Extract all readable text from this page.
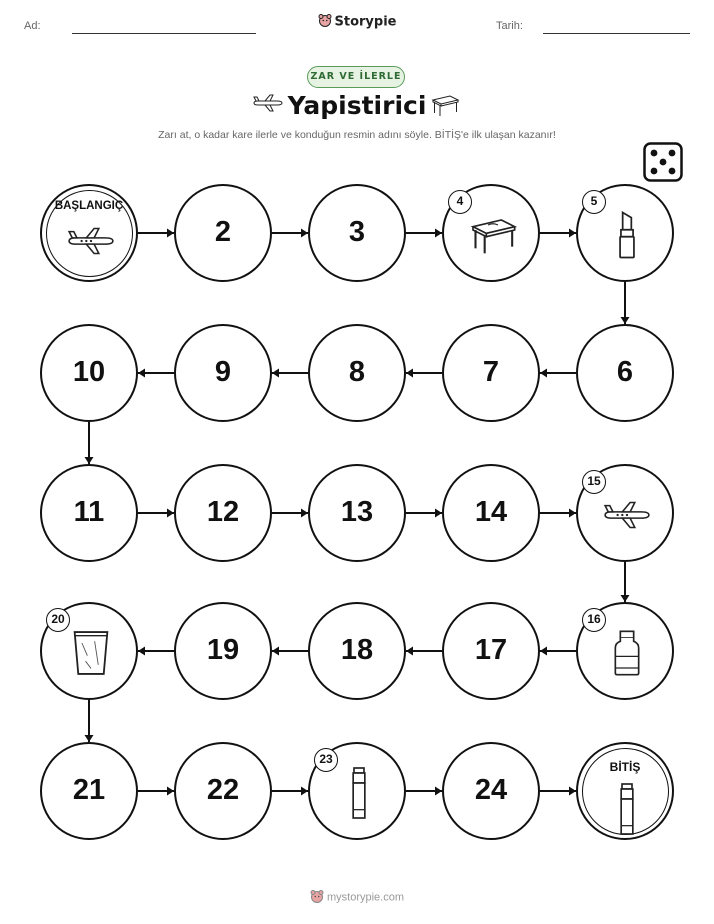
Ad:	Tarih:
Storypie
ZAR VE İLERLE
Yapistirici
Zarı at, o kadar kare ilerle ve konduğun resmin adını söyle. BİTİŞ'e ilk ulaşan kazanır!
BAŞLANGIÇ
2	3
4	5
6
7
8
9
10
11	12	13	14
15
16
17
18
19
20
21	22
23
24
BİTİŞ
mystorypie.com
